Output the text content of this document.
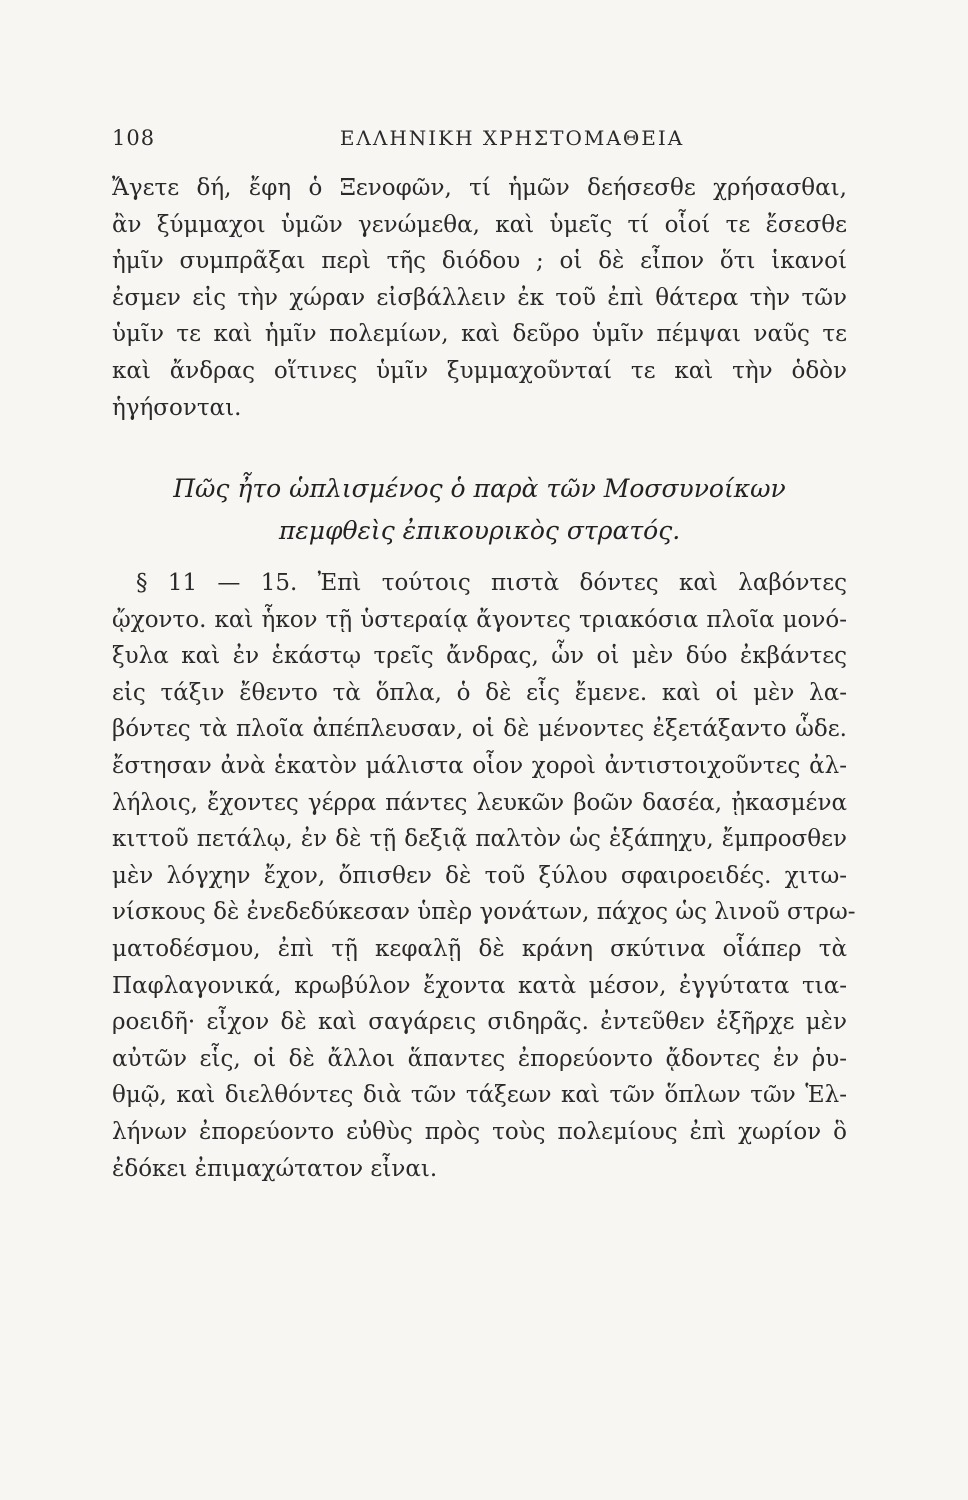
108	ΕΛΛΗΝΙΚΗ ΧΡΗΣΤΟΜΑΘΕΙΑ
Ἄγετε δή, ἔφη ὁ Ξενοφῶν, τί ἡμῶν δεήσεσθε χρήσασθαι,
ἂν ξύμμαχοι ὑμῶν γενώμεθα, καὶ ὑμεῖς τί οἷοί τε ἔσεσθε
ἡμῖν συμπρᾶξαι περὶ τῆς διόδου ; οἱ δὲ εἶπον ὅτι ἱκανοί
ἐσμεν εἰς τὴν χώραν εἰσβάλλειν ἐκ τοῦ ἐπὶ θάτερα τὴν τῶν
ὑμῖν τε καὶ ἡμῖν πολεμίων, καὶ δεῦρο ὑμῖν πέμψαι ναῦς τε
καὶ ἄνδρας οἵτινες ὑμῖν ξυμμαχοῦνταί τε καὶ τὴν ὁδὸν
ἡγήσονται.
Πῶς ἦτο ὡπλισμένος ὁ παρὰ τῶν Μοσσυνοίκων
πεμφθεὶς ἐπικουρικὸς στρατός.
§ 11 — 15. Ἐπὶ τούτοις πιστὰ δόντες καὶ λαβόντες
ᾤχοντο. καὶ ἧκον τῇ ὑστεραίᾳ ἄγοντες τριακόσια πλοῖα μονό-
ξυλα καὶ ἐν ἑκάστῳ τρεῖς ἄνδρας, ὧν οἱ μὲν δύο ἐκβάντες
εἰς τάξιν ἔθεντο τὰ ὅπλα, ὁ δὲ εἷς ἔμενε. καὶ οἱ μὲν λα-
βόντες τὰ πλοῖα ἀπέπλευσαν, οἱ δὲ μένοντες ἐξετάξαντο ὧδε.
ἔστησαν ἀνὰ ἑκατὸν μάλιστα οἷον χοροὶ ἀντιστοιχοῦντες ἀλ-
λήλοις, ἔχοντες γέρρα πάντες λευκῶν βοῶν δασέα, ᾐκασμένα
κιττοῦ πετάλῳ, ἐν δὲ τῇ δεξιᾷ παλτὸν ὡς ἑξάπηχυ, ἔμπροσθεν
μὲν λόγχην ἔχον, ὄπισθεν δὲ τοῦ ξύλου σφαιροειδές. χιτω-
νίσκους δὲ ἐνεδεδύκεσαν ὑπὲρ γονάτων, πάχος ὡς λινοῦ στρω-
ματοδέσμου, ἐπὶ τῇ κεφαλῇ δὲ κράνη σκύτινα οἷάπερ τὰ
Παφλαγονικά, κρωβύλον ἔχοντα κατὰ μέσον, ἐγγύτατα τια-
ροειδῆ· εἶχον δὲ καὶ σαγάρεις σιδηρᾶς. ἐντεῦθεν ἐξῆρχε μὲν
αὐτῶν εἷς, οἱ δὲ ἄλλοι ἅπαντες ἐπορεύοντο ᾄδοντες ἐν ῥυ-
θμῷ, καὶ διελθόντες διὰ τῶν τάξεων καὶ τῶν ὅπλων τῶν Ἑλ-
λήνων ἐπορεύοντο εὐθὺς πρὸς τοὺς πολεμίους ἐπὶ χωρίον ὃ
ἐδόκει ἐπιμαχώτατον εἶναι.
